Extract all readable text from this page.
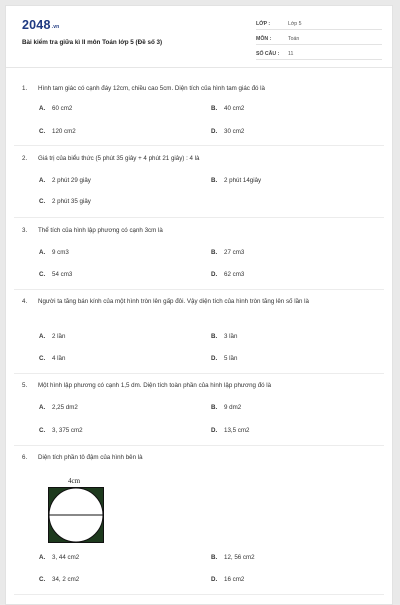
2048.vn
Bài kiểm tra giữa kì II môn Toán lớp 5 (Đề số 3)
LỚP :	Lớp 5
MÔN :	Toán
SỐ CÂU : 11
1. Hình tam giác có cạnh đáy 12cm, chiều cao 5cm. Diện tích của hình tam giác đó là
A. 60 cm2	B. 40 cm2
C. 120 cm2	D. 30 cm2
2. Giá trị của biểu thức (5 phút 35 giây + 4 phút 21 giây) : 4 là
A. 2 phút 29 giây	B. 2 phút 14giây
C. 2 phút 35 giây
3. Thể tích của hình lập phương có cạnh 3cm là
A. 9 cm3	B. 27 cm3
C. 54 cm3	D. 62 cm3
4. Người ta tăng bán kính của một hình tròn lên gấp đôi. Vậy diện tích của hình tròn tăng lên số lần là
A. 2 lần	B. 3 lần
C. 4 lần	D. 5 lần
5. Một hình lập phương có cạnh 1,5 dm. Diện tích toàn phần của hình lập phương đó là
A. 2,25 dm2	B. 9 dm2
C. 3, 375 cm2	D. 13,5 cm2
6. Diện tích phần tô đậm của hình bên là
4cm
A. 3, 44 cm2	B. 12, 56 cm2
C. 34, 2 cm2	D. 16 cm2
